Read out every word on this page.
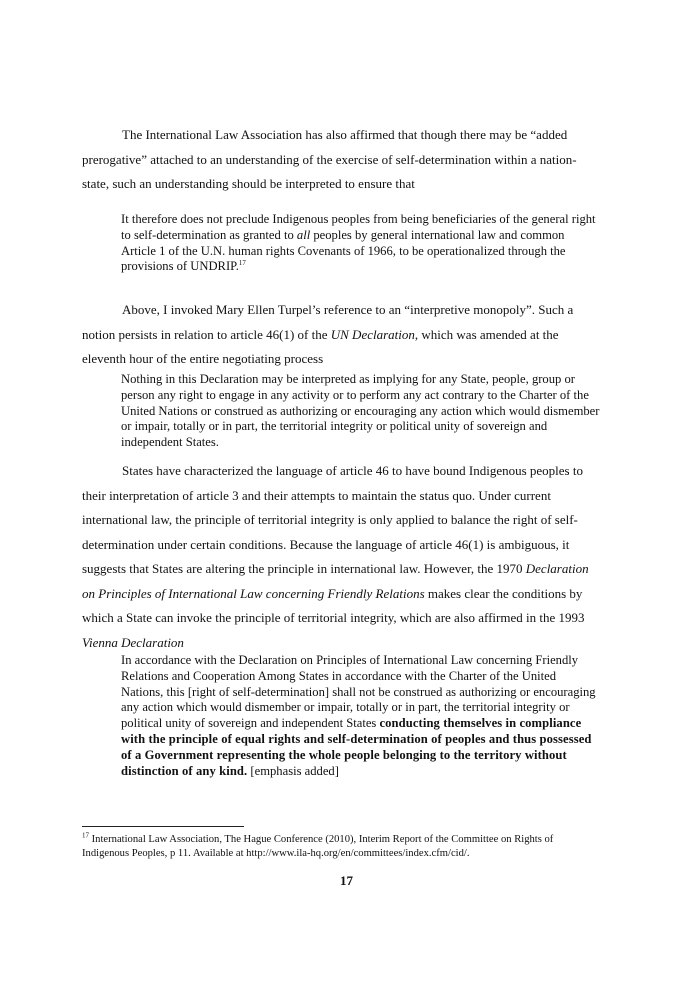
The International Law Association has also affirmed that though there may be “added prerogative” attached to an understanding of the exercise of self-determination within a nation-state, such an understanding should be interpreted to ensure that

It therefore does not preclude Indigenous peoples from being beneficiaries of the general right to self-determination as granted to all peoples by general international law and common Article 1 of the U.N. human rights Covenants of 1966, to be operationalized through the provisions of UNDRIP.$^{17}$

Above, I invoked Mary Ellen Turpel’s reference to an “interpretive monopoly”. Such a notion persists in relation to article 46(1) of the UN Declaration, which was amended at the eleventh hour of the entire negotiating process

Nothing in this Declaration may be interpreted as implying for any State, people, group or person any right to engage in any activity or to perform any act contrary to the Charter of the United Nations or construed as authorizing or encouraging any action which would dismember or impair, totally or in part, the territorial integrity or political unity of sovereign and independent States.

States have characterized the language of article 46 to have bound Indigenous peoples to their interpretation of article 3 and their attempts to maintain the status quo. Under current international law, the principle of territorial integrity is only applied to balance the right of self-determination under certain conditions. Because the language of article 46(1) is ambiguous, it suggests that States are altering the principle in international law. However, the 1970 Declaration on Principles of International Law concerning Friendly Relations makes clear the conditions by which a State can invoke the principle of territorial integrity, which are also affirmed in the 1993 Vienna Declaration

In accordance with the Declaration on Principles of International Law concerning Friendly Relations and Cooperation Among States in accordance with the Charter of the United Nations, this [right of self-determination] shall not be construed as authorizing or encouraging any action which would dismember or impair, totally or in part, the territorial integrity or political unity of sovereign and independent States conducting themselves in compliance with the principle of equal rights and self-determination of peoples and thus possessed of a Government representing the whole people belonging to the territory without distinction of any kind. [emphasis added]

$^{17}$ International Law Association, The Hague Conference (2010), Interim Report of the Committee on Rights of Indigenous Peoples, p 11. Available at http://www.ila-hq.org/en/committees/index.cfm/cid/.

17
